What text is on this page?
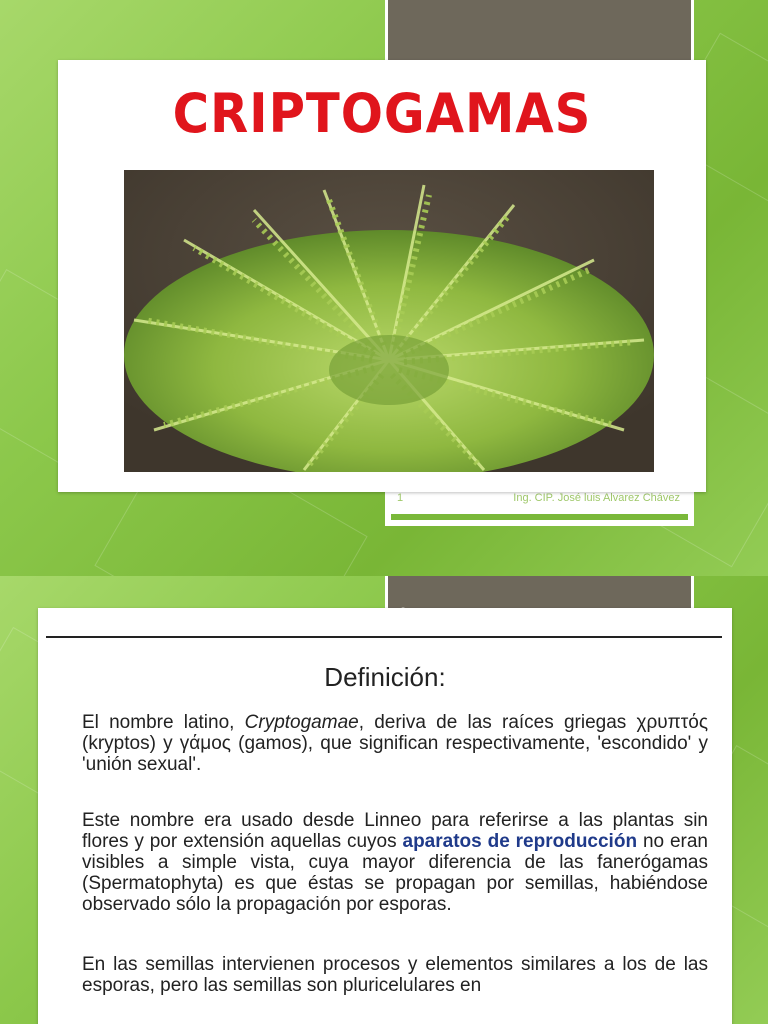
1	Ing. CIP. José luis Alvarez Chávez
CRIPTOGAMAS
Definición:

El nombre latino, Cryptogamae, deriva de las raíces griegas χρυπτός (kryptos) y γάμος (gamos), que significan respectivamente, 'escondido' y 'unión sexual'.

Este nombre era usado desde Linneo para referirse a las plantas sin flores y por extensión aquellas cuyos aparatos de reproducción no eran visibles a simple vista, cuya mayor diferencia de las fanerógamas (Spermatophyta) es que éstas se propagan por semillas, habiéndose observado sólo la propagación por esporas.

En las semillas intervienen procesos y elementos similares a los de las esporas, pero las semillas son pluricelulares en
